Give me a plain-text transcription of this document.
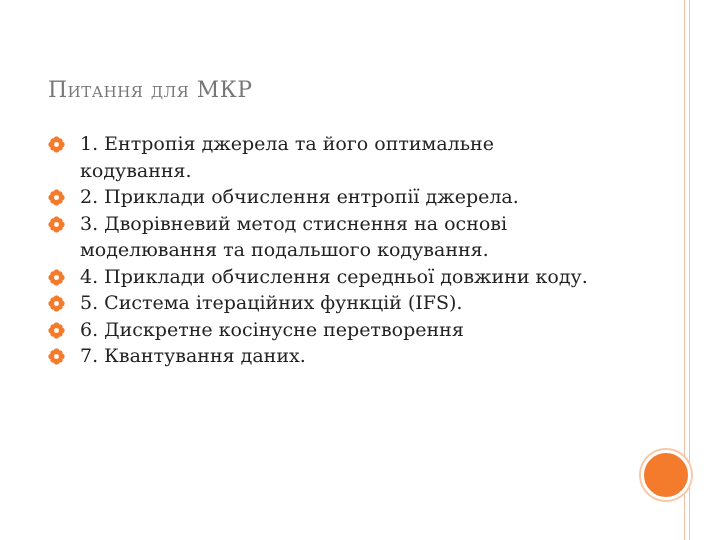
Питання для МКР
1. Ентропія джерела та його оптимальне кодування.
2. Приклади обчислення ентропії джерела.
3. Дворівневий метод стиснення на основі моделювання та подальшого кодування.
4. Приклади обчислення середньої довжини коду.
5. Система ітераційних функцій (IFS).
6. Дискретне косінусне перетворення
7. Квантування даних.
